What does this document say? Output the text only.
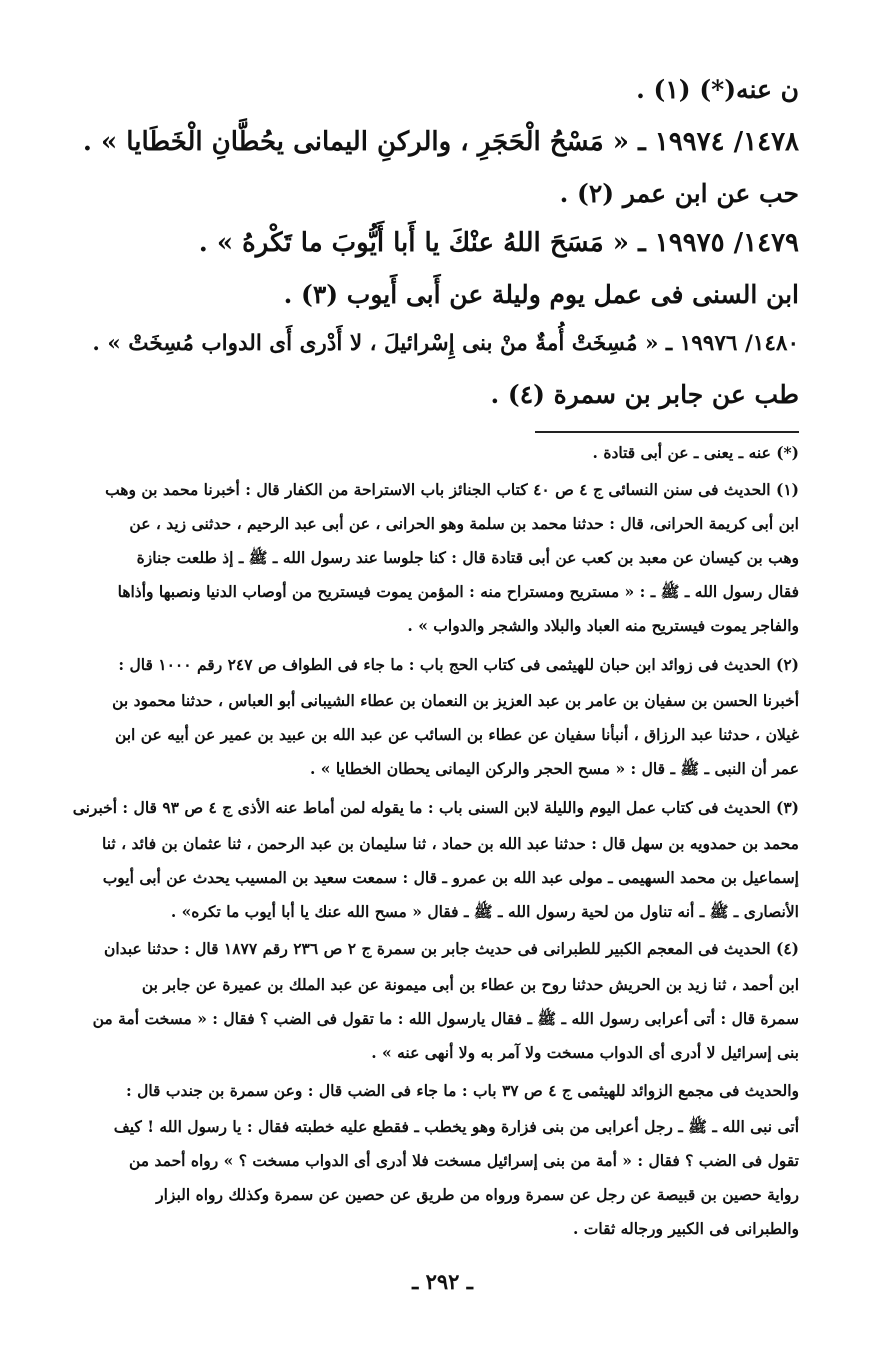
ن عنه(*) (١) .
١٤٧٨/ ١٩٩٧٤ ـ « مَسْحُ الْحَجَرِ ، والركنِ اليمانى يحُطَّانِ الْخَطَايا » .
حب عن ابن عمر (٢) .
١٤٧٩/ ١٩٩٧٥ ـ « مَسَحَ اللهُ عنْكَ يا أَبا أَيُّوبَ ما تَكْرهُ » .
ابن السنى فى عمل يوم وليلة عن أَبى أَيوب (٣) .
١٤٨٠/ ١٩٩٧٦ ـ « مُسِخَتْ أُمةٌ منْ بنى إِسْرائيلَ ، لا أَدْرى أَى الدواب مُسِخَتْ » .
طب عن جابر بن سمرة (٤) .
(*) عنه ـ يعنى ـ عن أبى قتادة .
(١) الحديث فى سنن النسائى ج ٤ ص ٤٠ كتاب الجنائز باب الاستراحة من الكفار قال : أخبرنا محمد بن وهب
ابن أبى كريمة الحرانى، قال : حدثنا محمد بن سلمة وهو الحرانى ، عن أبى عبد الرحيم ، حدثنى زيد ، عن
وهب بن كيسان عن معبد بن كعب عن أبى قتادة قال : كنا جلوسا عند رسول الله ـ ﷺ ـ إذ طلعت جنازة
فقال رسول الله ـ ﷺ ـ : « مستريح ومستراح منه : المؤمن يموت فيستريح من أوصاب الدنيا ونصبها وأذاها
والفاجر يموت فيستريح منه العباد والبلاد والشجر والدواب » .
(٢) الحديث فى زوائد ابن حبان للهيثمى فى كتاب الحج باب : ما جاء فى الطواف ص ٢٤٧ رقم ١٠٠٠ قال :
أخبرنا الحسن بن سفيان بن عامر بن عبد العزيز بن النعمان بن عطاء الشيبانى أبو العباس ، حدثنا محمود بن
غيلان ، حدثنا عبد الرزاق ، أنبأنا سفيان عن عطاء بن السائب عن عبد الله بن عبيد بن عمير عن أبيه عن ابن
عمر أن النبى ـ ﷺ ـ قال : « مسح الحجر والركن اليمانى يحطان الخطايا » .
(٣) الحديث فى كتاب عمل اليوم والليلة لابن السنى باب : ما يقوله لمن أماط عنه الأذى ج ٤ ص ٩٣ قال : أخبرنى
محمد بن حمدويه بن سهل قال : حدثنا عبد الله بن حماد ، ثنا سليمان بن عبد الرحمن ، ثنا عثمان بن فائد ، ثنا
إسماعيل بن محمد السهيمى ـ مولى عبد الله بن عمرو ـ قال : سمعت سعيد بن المسيب يحدث عن أبى أيوب
الأنصارى ـ ﷺ ـ أنه تناول من لحية رسول الله ـ ﷺ ـ فقال « مسح الله عنك يا أبا أيوب ما تكره» .
(٤) الحديث فى المعجم الكبير للطبرانى فى حديث جابر بن سمرة ج ٢ ص ٢٣٦ رقم ١٨٧٧ قال : حدثنا عبدان
ابن أحمد ، ثنا زيد بن الحريش حدثنا روح بن عطاء بن أبى ميمونة عن عبد الملك بن عميرة عن جابر بن
سمرة قال : أتى أعرابى رسول الله ـ ﷺ ـ فقال يارسول الله : ما تقول فى الضب ؟ فقال : « مسخت أمة من
بنى إسرائيل لا أدرى أى الدواب مسخت ولا آمر به ولا أنهى عنه » .
والحديث فى مجمع الزوائد للهيثمى ج ٤ ص ٣٧ باب : ما جاء فى الضب قال : وعن سمرة بن جندب قال :
أتى نبى الله ـ ﷺ ـ رجل أعرابى من بنى فزارة وهو يخطب ـ فقطع عليه خطبته فقال : يا رسول الله ! كيف
تقول فى الضب ؟ فقال : « أمة من بنى إسرائيل مسخت فلا أدرى أى الدواب مسخت ؟ » رواه أحمد من
رواية حصين بن قبيصة عن رجل عن سمرة ورواه من طريق عن حصين عن سمرة وكذلك رواه البزار
والطبرانى فى الكبير ورجاله ثقات .
ـ ٢٩٢ ـ
